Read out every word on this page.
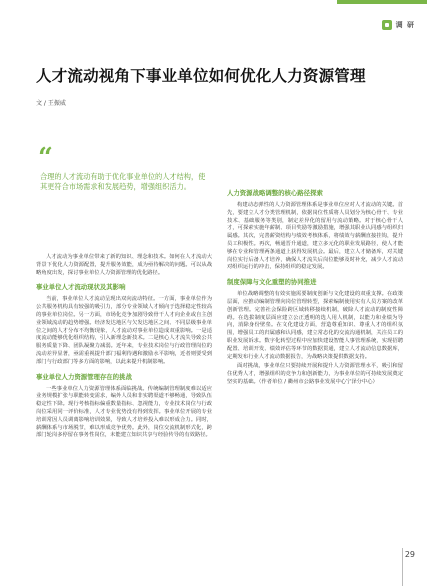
调 研
人才流动视角下事业单位如何优化人力资源管理
文 / 王振威
“
合理的人才流动有助于优化事业单位的人才结构，使其更符合市场需求和发展趋势，增强组织活力。

人才流动为事业单位带来了新的知识、理念和技术。如何在人才流动大背景下优化人力资源配置，提升服务效能，成为亟待解决的问题。可以从战略角度出发，探讨事业单位人力资源管理的优化路径。

事业单位人才流动现状及其影响

当前，事业单位人才流动呈现出双向流动特征。一方面，事业单位作为公共服务机构具有较强的吸引力，部分专业领域人才倾向于选择稳定性较高的事业单位岗位。另一方面，市场化竞争加剧导致骨干人才向企业或自主创业领域流动的趋势增强。经济发达地区与欠发达地区之间、不同层级事业单位之间的人才分布不均衡现象，人才流动对事业单位造成双重影响。一是适度流动能够优化组织结构，引入新理念新技术。二是核心人才流失导致公共服务质量下降、团队凝聚力减弱。近年来，专业技术岗位与行政管理岗位的流动差异显著，亟需重视提升部门福利待遇和激励水平影响，近者则要受到部门与行政部门等多方面的影响，以此来提升机制影响。

事业单位人力资源管理存在的挑战

一些事业单位人力资源管理体系面临挑战。传统编制管理制度难以适应业务规模扩张与职能转变需求，编外人员和非实聘渠道不够畅通，导致队伍稳定性下降。现行考核指标偏重数量指标、忽视能力，专业技术岗位与行政岗位采用同一评价标准，人才专业优势没有得到发挥。事业单位开展的专业培训常因人员调离影响培训效果，导致人才培养投入难以形成合力。同时，薪酬体系与市场脱节，难以形成竞争优势。此外，岗位交流机制形式化，跨部门轮岗多停留在事务性岗位，未能建立知识共享与经验传导的有效路径。

人力资源战略调整的核心路径探索

构建动态弹性的人力资源管理体系是事业单位应对人才流动的关键。首先，要建立人才分类管理机制，依据岗位性质将人员划分为核心骨干、专业技术、基础服务等类别，制定差异化的留用与流动策略。对于核心骨干人才，可探索实施年薪制、项目奖励等激励措施，增强其职业认同感与组织归属感。其次，完善薪资结构与绩效考核体系，将绩效与薪酬直接挂钩，提升员工积极性。再次，畅通晋升通道，建立多元化的职业发展路径，使人才能够在专业和管理两条通道上获得发展机会。最后，建立人才储备库，对关键岗位实行后备人才培养，确保人才流失后岗位能够及时补充，减少人才流动对组织运行的冲击，保持组织的稳定发展。

制度保障与文化重塑的协同推进

单位战略调整的有效实施需要制度创新与文化建设的双重支撑。在政策层面，应推动编制管理向岗位管理转型，探索编制使用实有人员方案的改革创新管理。完善社会保险跨区域转移接续机制，破除人才流动的制度性障碍。在选拔制度层面应建立公正透明的选人用人机制，以能力和业绩为导向，消除身份壁垒。在文化建设方面，营造尊重知识、尊重人才的组织氛围，增强员工的归属感和认同感，建立常态化的交流沟通机制，关注员工的职业发展诉求。数字化转型过程中应加快建设智能人事管理系统，实现招聘配置、培训开发、绩效评估等环节的数据贯通，建立人才流动信息数据库，定期发布行业人才流动数据报告，为战略决策提供数据支持。

面对挑战，事业单位只要持续开展和提升人力资源管理水平，吸引和留住优秀人才，增强组织的竞争力和创新能力，为事业单位的可持续发展奠定坚实的基础。（作者单位 / 衢州市公路事业发展中心宁泽分中心）

29
